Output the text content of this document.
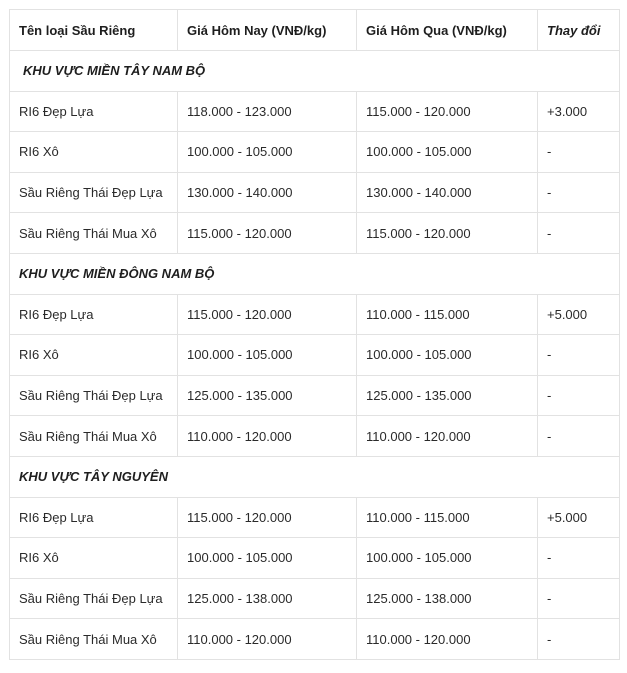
Tên loại Sầu Riêng	Giá Hôm Nay (VNĐ/kg)	Giá Hôm Qua (VNĐ/kg)	Thay đổi
KHU VỰC MIỀN TÂY NAM BỘ			
RI6 Đẹp Lựa	118.000 - 123.000	115.000 - 120.000	+3.000
RI6 Xô	100.000 - 105.000	100.000 - 105.000	-
Sầu Riêng Thái Đẹp Lựa	130.000 - 140.000	130.000 - 140.000	-
Sầu Riêng Thái Mua Xô	115.000 - 120.000	115.000 - 120.000	-
KHU VỰC MIỀN ĐÔNG NAM BỘ			
RI6 Đẹp Lựa	115.000 - 120.000	110.000 - 115.000	+5.000
RI6 Xô	100.000 - 105.000	100.000 - 105.000	-
Sầu Riêng Thái Đẹp Lựa	125.000 - 135.000	125.000 - 135.000	-
Sầu Riêng Thái Mua Xô	110.000 - 120.000	110.000 - 120.000	-
KHU VỰC TÂY NGUYÊN			
RI6 Đẹp Lựa	115.000 - 120.000	110.000 - 115.000	+5.000
RI6 Xô	100.000 - 105.000	100.000 - 105.000	-
Sầu Riêng Thái Đẹp Lựa	125.000 - 138.000	125.000 - 138.000	-
Sầu Riêng Thái Mua Xô	110.000 - 120.000	110.000 - 120.000	-
